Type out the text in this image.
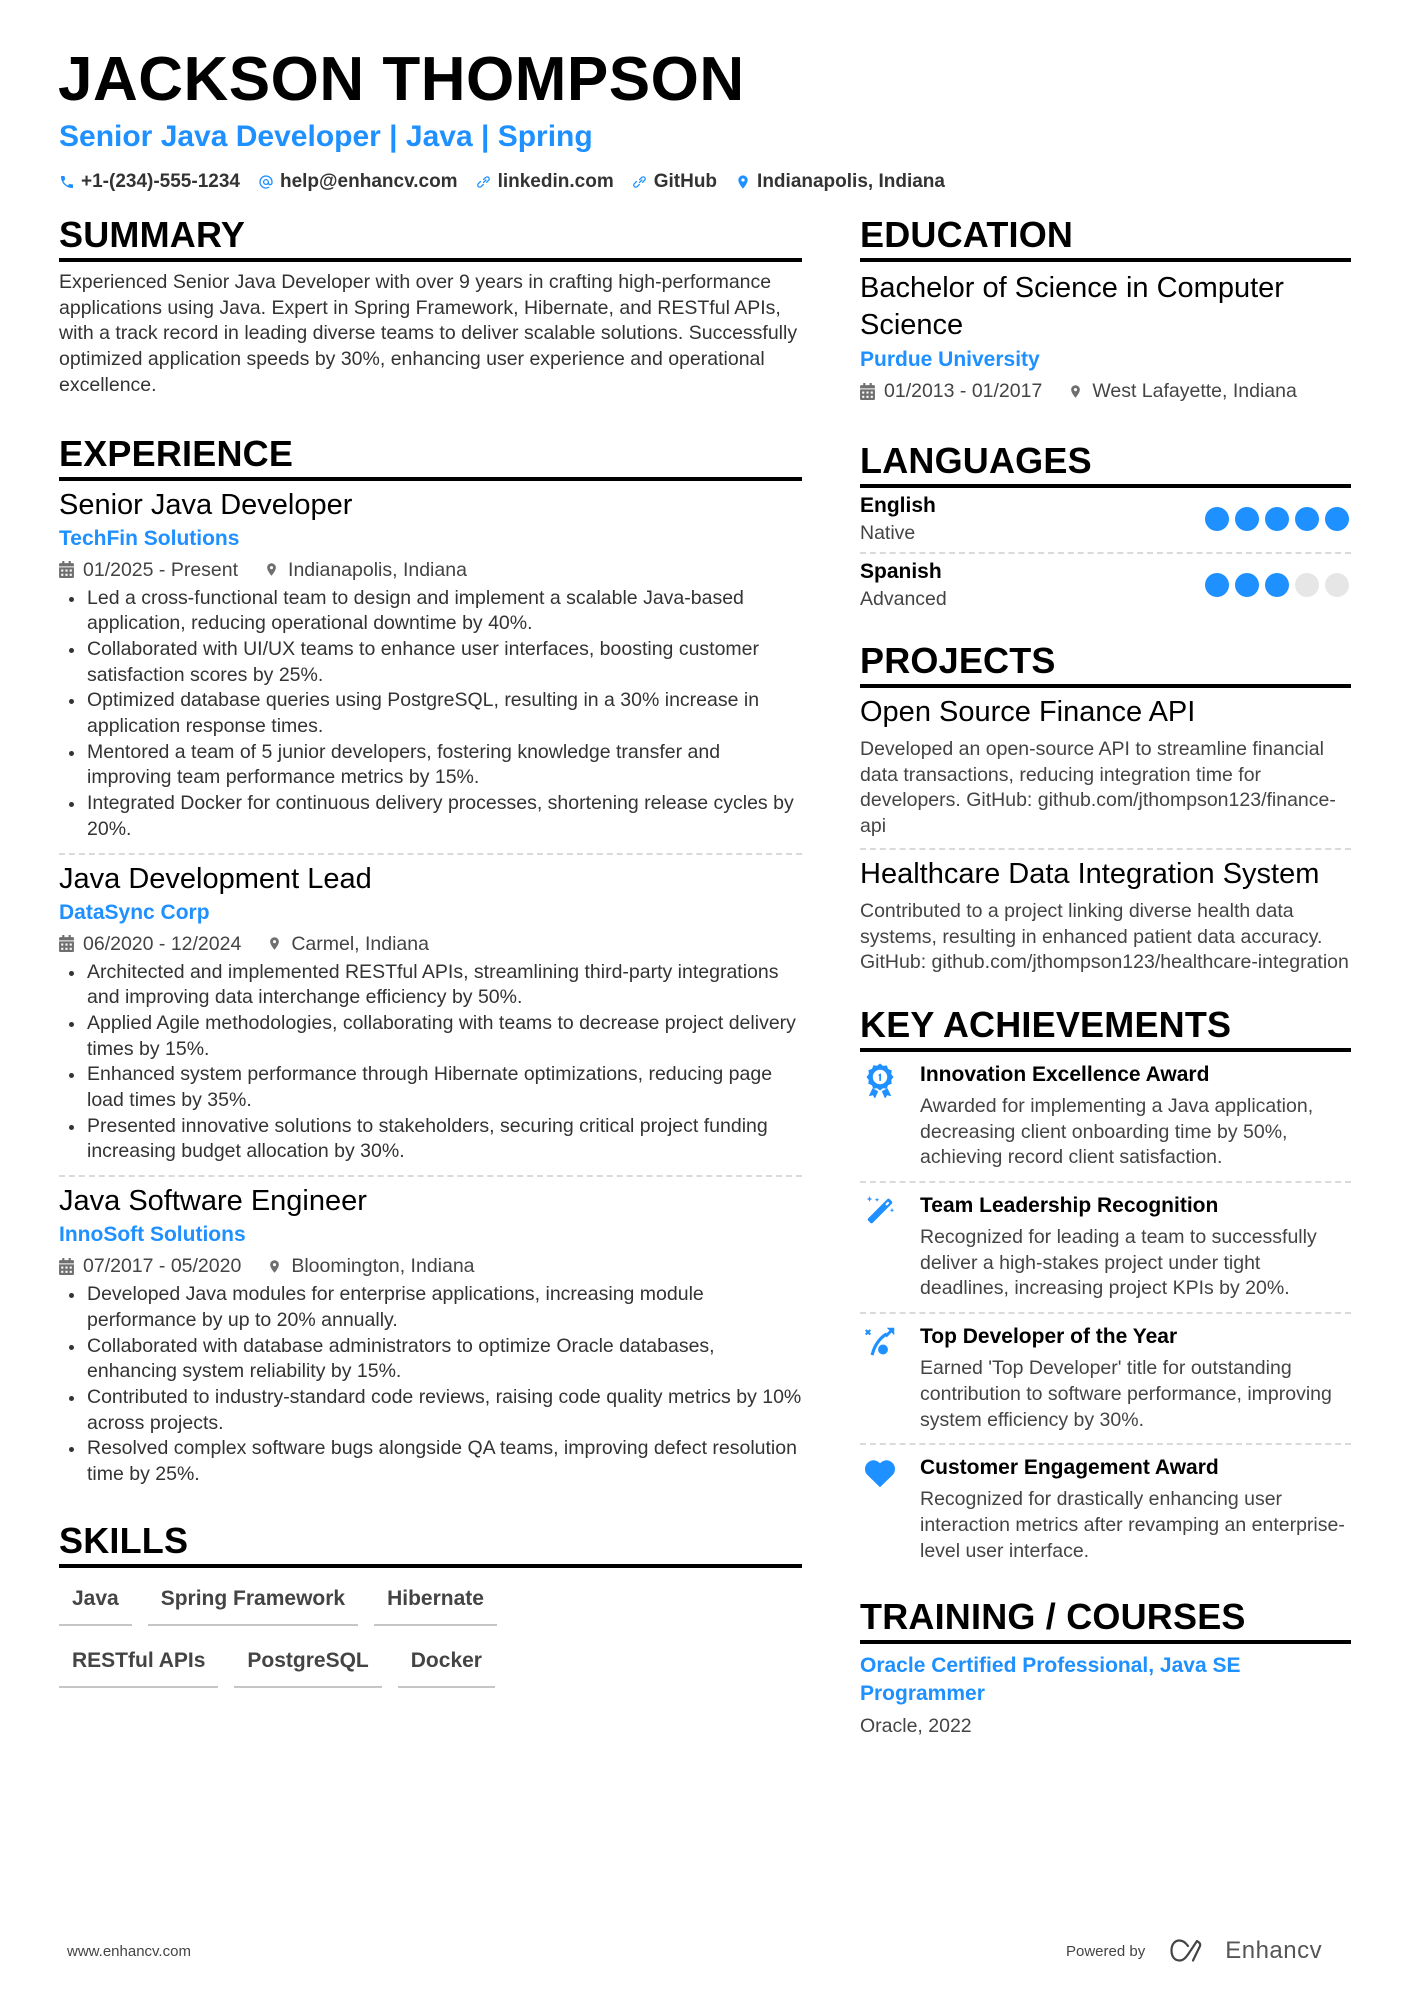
JACKSON THOMPSON
Senior Java Developer | Java | Spring
+1-(234)-555-1234 help@enhancv.com linkedin.com GitHub Indianapolis, Indiana
SUMMARY
Experienced Senior Java Developer with over 9 years in crafting high-performance applications using Java. Expert in Spring Framework, Hibernate, and RESTful APIs, with a track record in leading diverse teams to deliver scalable solutions. Successfully optimized application speeds by 30%, enhancing user experience and operational excellence.
EXPERIENCE
Senior Java Developer
TechFin Solutions
01/2025 - Present	Indianapolis, Indiana
Led a cross-functional team to design and implement a scalable Java-based application, reducing operational downtime by 40%.
Collaborated with UI/UX teams to enhance user interfaces, boosting customer satisfaction scores by 25%.
Optimized database queries using PostgreSQL, resulting in a 30% increase in application response times.
Mentored a team of 5 junior developers, fostering knowledge transfer and improving team performance metrics by 15%.
Integrated Docker for continuous delivery processes, shortening release cycles by 20%.
Java Development Lead
DataSync Corp
06/2020 - 12/2024	Carmel, Indiana
Architected and implemented RESTful APIs, streamlining third-party integrations and improving data interchange efficiency by 50%.
Applied Agile methodologies, collaborating with teams to decrease project delivery times by 15%.
Enhanced system performance through Hibernate optimizations, reducing page load times by 35%.
Presented innovative solutions to stakeholders, securing critical project funding increasing budget allocation by 30%.
Java Software Engineer
InnoSoft Solutions
07/2017 - 05/2020	Bloomington, Indiana
Developed Java modules for enterprise applications, increasing module performance by up to 20% annually.
Collaborated with database administrators to optimize Oracle databases, enhancing system reliability by 15%.
Contributed to industry-standard code reviews, raising code quality metrics by 10% across projects.
Resolved complex software bugs alongside QA teams, improving defect resolution time by 25%.
SKILLS
Java	Spring Framework	Hibernate
RESTful APIs	PostgreSQL	Docker
EDUCATION
Bachelor of Science in Computer Science
Purdue University
01/2013 - 01/2017	West Lafayette, Indiana
LANGUAGES
English
Native
Spanish
Advanced
PROJECTS
Open Source Finance API
Developed an open-source API to streamline financial data transactions, reducing integration time for developers. GitHub: github.com/jthompson123/finance-api
Healthcare Data Integration System
Contributed to a project linking diverse health data systems, resulting in enhanced patient data accuracy. GitHub: github.com/jthompson123/healthcare-integration
KEY ACHIEVEMENTS
Innovation Excellence Award
Awarded for implementing a Java application, decreasing client onboarding time by 50%, achieving record client satisfaction.
Team Leadership Recognition
Recognized for leading a team to successfully deliver a high-stakes project under tight deadlines, increasing project KPIs by 20%.
Top Developer of the Year
Earned 'Top Developer' title for outstanding contribution to software performance, improving system efficiency by 30%.
Customer Engagement Award
Recognized for drastically enhancing user interaction metrics after revamping an enterprise-level user interface.
TRAINING / COURSES
Oracle Certified Professional, Java SE Programmer
Oracle, 2022
www.enhancv.com	Powered by	Enhancv
